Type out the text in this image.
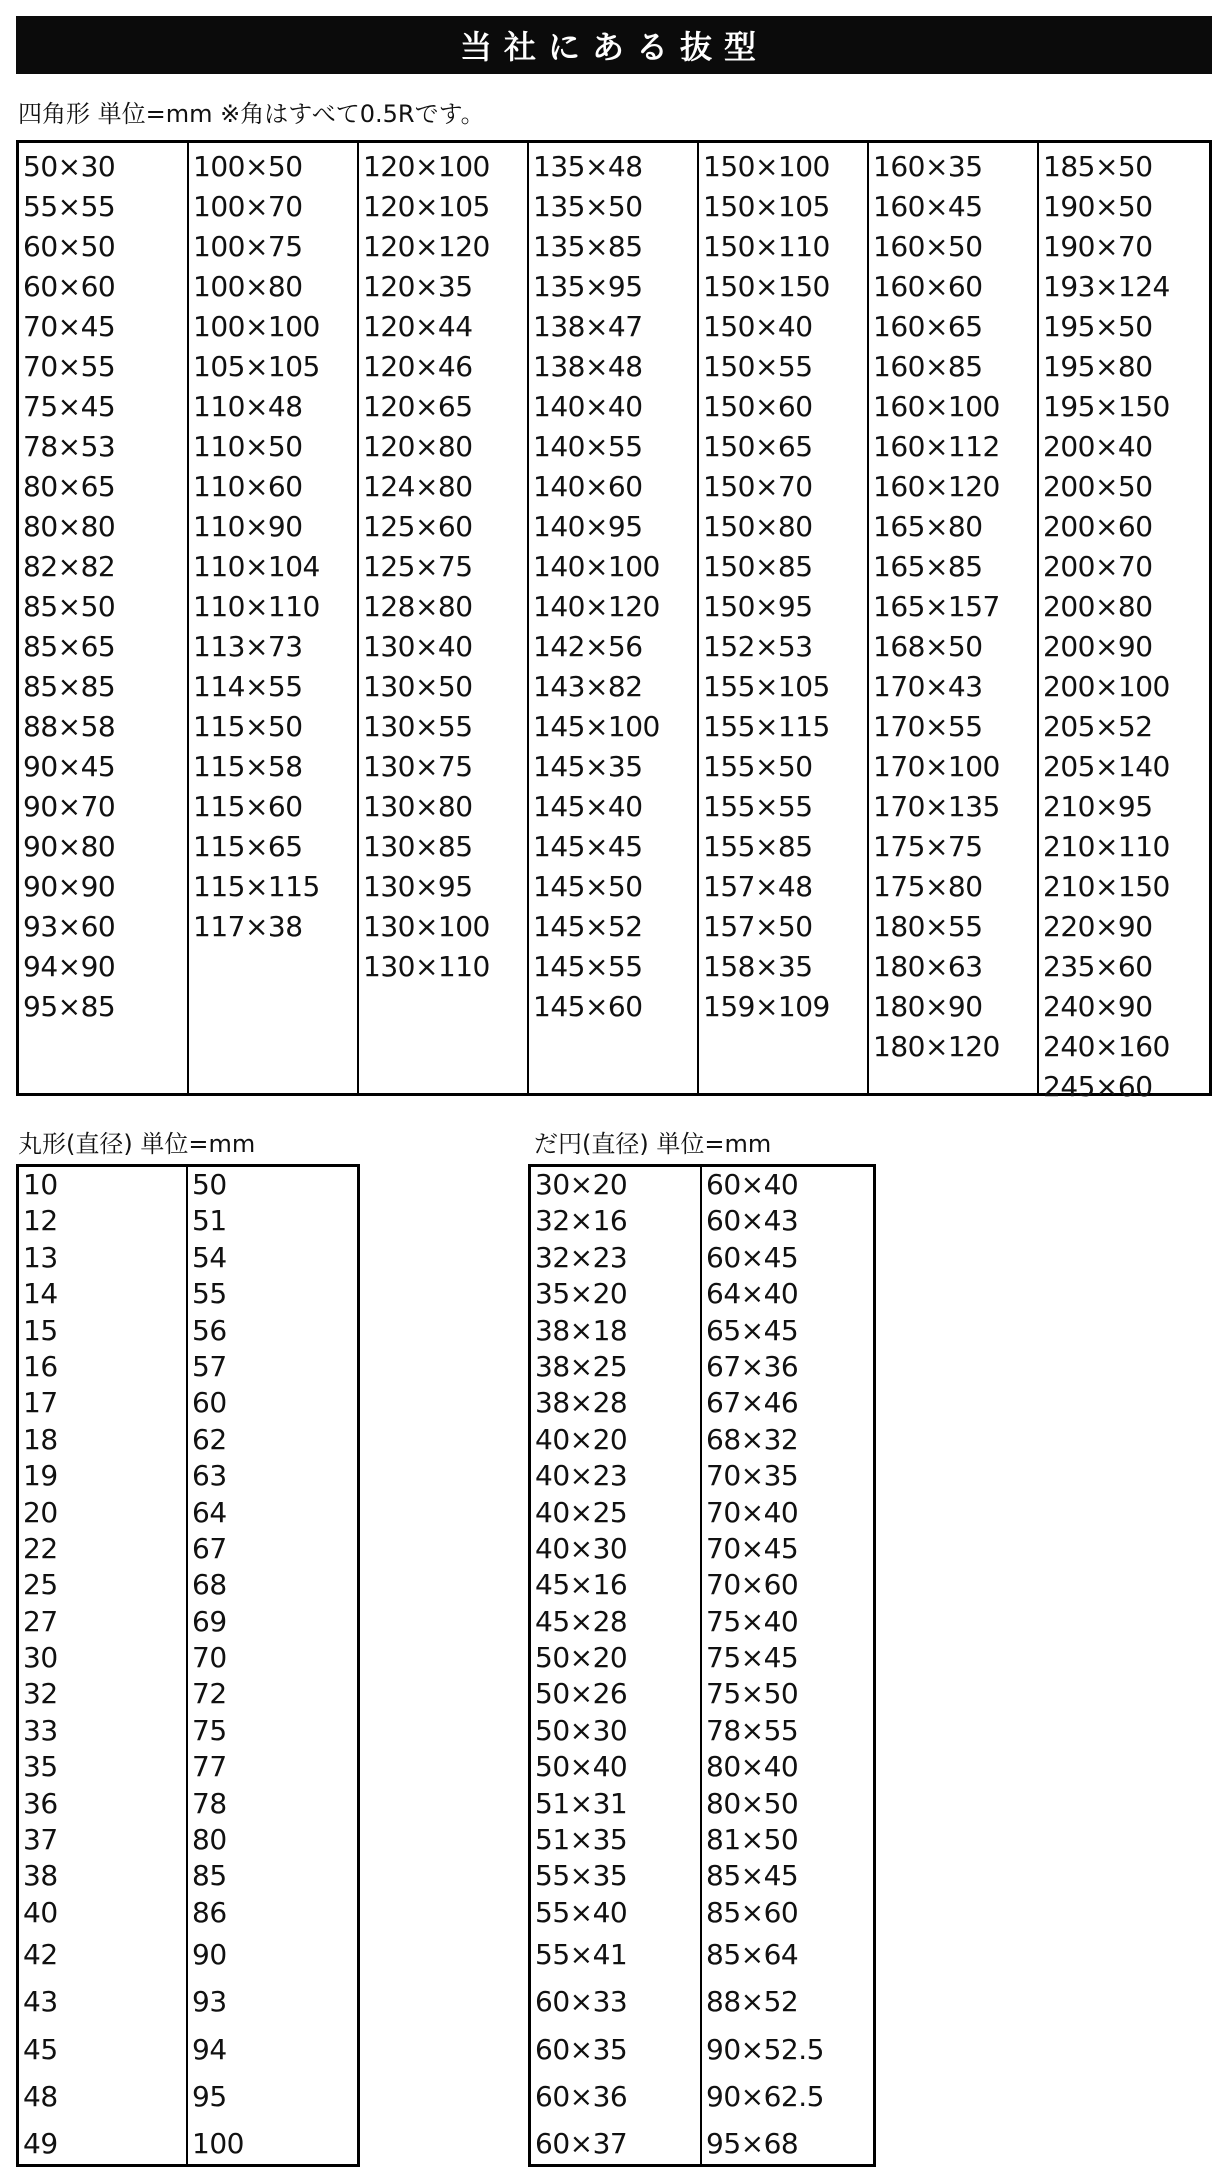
当社にある抜型
四角形 単位=mm ※角はすべて0.5Rです。
50×30
55×55
60×50
60×60
70×45
70×55
75×45
78×53
80×65
80×80
82×82
85×50
85×65
85×85
88×58
90×45
90×70
90×80
90×90
93×60
94×90
95×85
100×50
100×70
100×75
100×80
100×100
105×105
110×48
110×50
110×60
110×90
110×104
110×110
113×73
114×55
115×50
115×58
115×60
115×65
115×115
117×38
120×100
120×105
120×120
120×35
120×44
120×46
120×65
120×80
124×80
125×60
125×75
128×80
130×40
130×50
130×55
130×75
130×80
130×85
130×95
130×100
130×110
135×48
135×50
135×85
135×95
138×47
138×48
140×40
140×55
140×60
140×95
140×100
140×120
142×56
143×82
145×100
145×35
145×40
145×45
145×50
145×52
145×55
145×60
150×100
150×105
150×110
150×150
150×40
150×55
150×60
150×65
150×70
150×80
150×85
150×95
152×53
155×105
155×115
155×50
155×55
155×85
157×48
157×50
158×35
159×109
160×35
160×45
160×50
160×60
160×65
160×85
160×100
160×112
160×120
165×80
165×85
165×157
168×50
170×43
170×55
170×100
170×135
175×75
175×80
180×55
180×63
180×90
180×120
185×50
190×50
190×70
193×124
195×50
195×80
195×150
200×40
200×50
200×60
200×70
200×80
200×90
200×100
205×52
205×140
210×95
210×110
210×150
220×90
235×60
240×90
240×160
245×60
丸形(直径) 単位=mm
10
12
13
14
15
16
17
18
19
20
22
25
27
30
32
33
35
36
37
38
40
42
43
45
48
49
50
51
54
55
56
57
60
62
63
64
67
68
69
70
72
75
77
78
80
85
86
90
93
94
95
100
だ円(直径) 単位=mm
30×20
32×16
32×23
35×20
38×18
38×25
38×28
40×20
40×23
40×25
40×30
45×16
45×28
50×20
50×26
50×30
50×40
51×31
51×35
55×35
55×40
55×41
60×33
60×35
60×36
60×37
60×40
60×43
60×45
64×40
65×45
67×36
67×46
68×32
70×35
70×40
70×45
70×60
75×40
75×45
75×50
78×55
80×40
80×50
81×50
85×45
85×60
85×64
88×52
90×52.5
90×62.5
95×68
